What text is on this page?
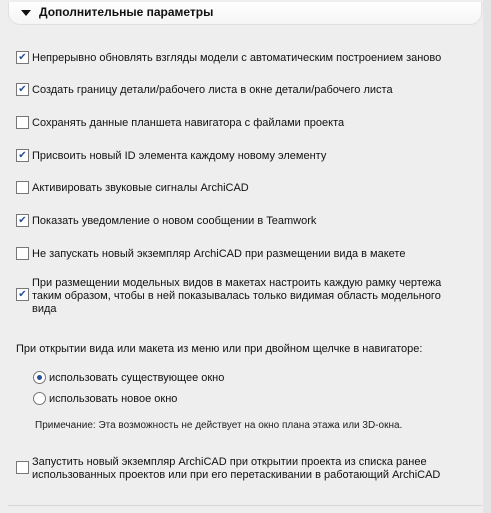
Дополнительные параметры
✔
Непрерывно обновлять взгляды модели с автоматическим построением заново
✔
Создать границу детали/рабочего листа в окне детали/рабочего листа
Сохранять данные планшета навигатора с файлами проекта
✔
Присвоить новый ID элемента каждому новому элементу
Активировать звуковые сигналы ArchiCAD
✔
Показать уведомление о новом сообщении в Teamwork
Не запускать новый экземпляр ArchiCAD при размещении вида в макете
✔
При размещении модельных видов в макетах настроить каждую рамку чертежа
таким образом, чтобы в ней показывалась только видимая область модельного
вида
При открытии вида или макета из меню или при двойном щелчке в навигаторе:
использовать существующее окно
использовать новое окно
Примечание: Эта возможность не действует на окно плана этажа или 3D-окна.
Запустить новый экземпляр ArchiCAD при открытии проекта из списка ранее
использованных проектов или при его перетаскивании в работающий ArchiCAD
